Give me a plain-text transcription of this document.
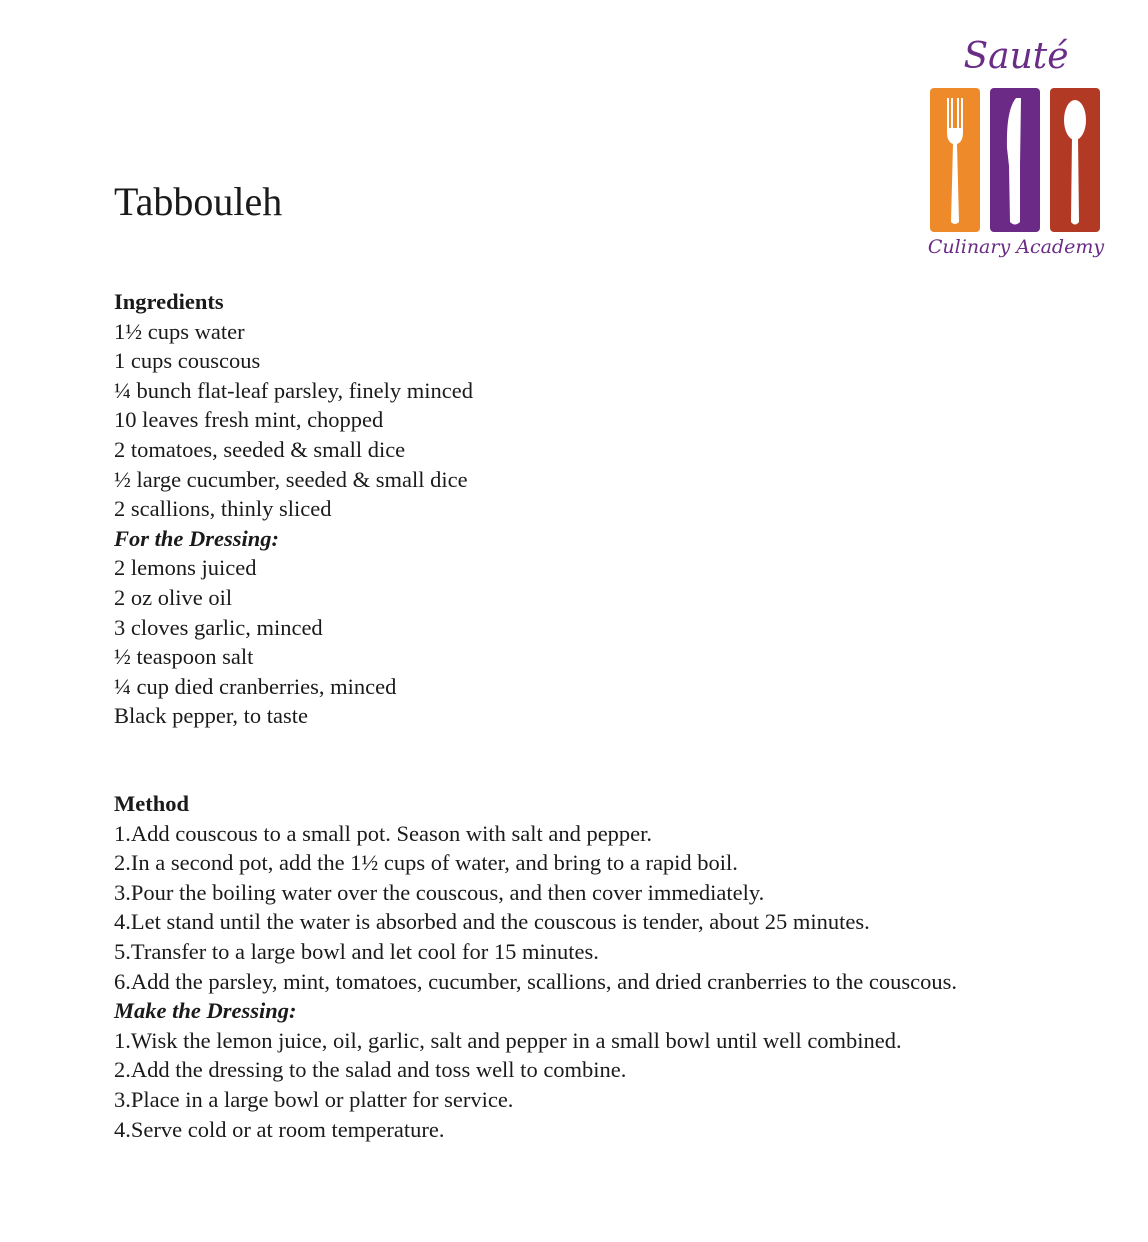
Sauté
Culinary Academy
Tabbouleh

Ingredients

1½ cups water
1 cups couscous
¼ bunch flat-leaf parsley, finely minced
10 leaves fresh mint, chopped
2 tomatoes, seeded & small dice
½ large cucumber, seeded & small dice
2 scallions, thinly sliced

For the Dressing:

2 lemons juiced
2 oz olive oil
3 cloves garlic, minced
½ teaspoon salt
¼ cup died cranberries, minced
Black pepper, to taste

Method

1. Add couscous to a small pot. Season with salt and pepper.
2. In a second pot, add the 1½ cups of water, and bring to a rapid boil.
3. Pour the boiling water over the couscous, and then cover immediately.
4. Let stand until the water is absorbed and the couscous is tender, about 25 minutes.
5. Transfer to a large bowl and let cool for 15 minutes.
6. Add the parsley, mint, tomatoes, cucumber, scallions, and dried cranberries to the couscous.

Make the Dressing:

1. Wisk the lemon juice, oil, garlic, salt and pepper in a small bowl until well combined.
2. Add the dressing to the salad and toss well to combine.
3. Place in a large bowl or platter for service.
4. Serve cold or at room temperature.
